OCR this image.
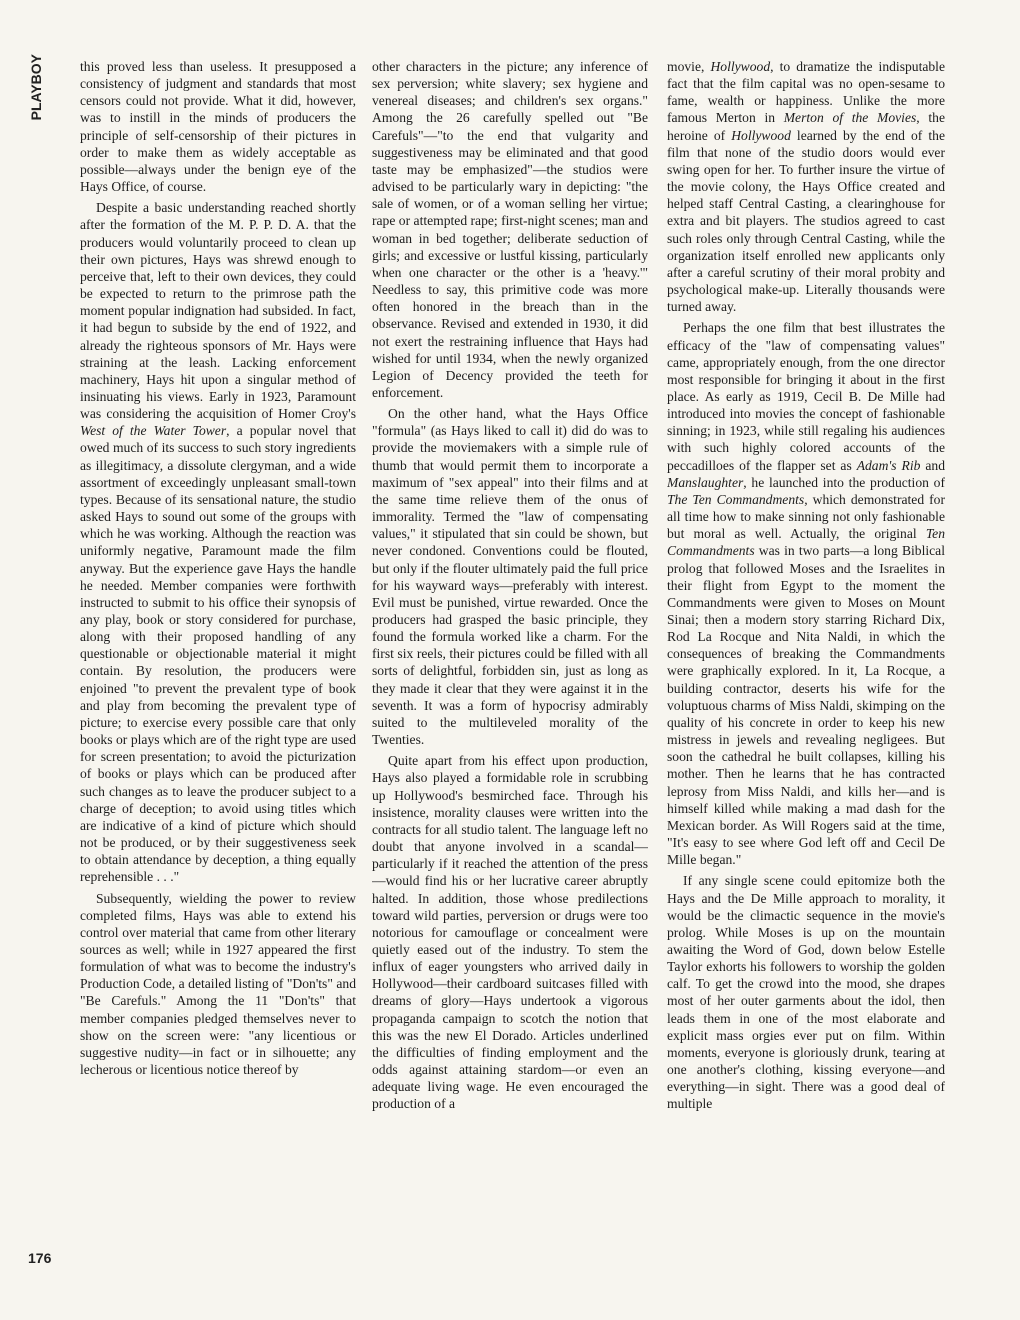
PLAYBOY	this proved less than useless. It presupposed a consistency of judgment and standards that most censors could not provide. What it did, however, was to instill in the minds of producers the principle of self-censorship of their pictures in order to make them as widely acceptable as possible—always under the benign eye of the Hays Office, of course.

Despite a basic understanding reached shortly after the formation of the M. P. P. D. A. that the producers would voluntarily proceed to clean up their own pictures, Hays was shrewd enough to perceive that, left to their own devices, they could be expected to return to the primrose path the moment popular indignation had subsided. In fact, it had begun to subside by the end of 1922, and already the righteous sponsors of Mr. Hays were straining at the leash. Lacking enforcement machinery, Hays hit upon a singular method of insinuating his views. Early in 1923, Paramount was considering the acquisition of Homer Croy's West of the Water Tower, a popular novel that owed much of its success to such story ingredients as illegitimacy, a dissolute clergyman, and a wide assortment of exceedingly unpleasant small-town types. Because of its sensational nature, the studio asked Hays to sound out some of the groups with which he was working. Although the reaction was uniformly negative, Paramount made the film anyway. But the experience gave Hays the handle he needed. Member companies were forthwith instructed to submit to his office their synopsis of any play, book or story considered for purchase, along with their proposed handling of any questionable or objectionable material it might contain. By resolution, the producers were enjoined "to prevent the prevalent type of book and play from becoming the prevalent type of picture; to exercise every possible care that only books or plays which are of the right type are used for screen presentation; to avoid the picturization of books or plays which can be produced after such changes as to leave the producer subject to a charge of deception; to avoid using titles which are indicative of a kind of picture which should not be produced, or by their suggestiveness seek to obtain attendance by deception, a thing equally reprehensible . . ."

Subsequently, wielding the power to review completed films, Hays was able to extend his control over material that came from other literary sources as well; while in 1927 appeared the first formulation of what was to become the industry's Production Code, a detailed listing of "Don'ts" and "Be Carefuls." Among the 11 "Don'ts" that member companies pledged themselves never to show on the screen were: "any licentious or suggestive nudity—in fact or in silhouette; any lecherous or licentious notice thereof by

other characters in the picture; any inference of sex perversion; white slavery; sex hygiene and venereal diseases; and children's sex organs." Among the 26 carefully spelled out "Be Carefuls"—"to the end that vulgarity and suggestiveness may be eliminated and that good taste may be emphasized"—the studios were advised to be particularly wary in depicting: "the sale of women, or of a woman selling her virtue; rape or attempted rape; first-night scenes; man and woman in bed together; deliberate seduction of girls; and excessive or lustful kissing, particularly when one character or the other is a 'heavy.'" Needless to say, this primitive code was more often honored in the breach than in the observance. Revised and extended in 1930, it did not exert the restraining influence that Hays had wished for until 1934, when the newly organized Legion of Decency provided the teeth for enforcement.

On the other hand, what the Hays Office "formula" (as Hays liked to call it) did do was to provide the moviemakers with a simple rule of thumb that would permit them to incorporate a maximum of "sex appeal" into their films and at the same time relieve them of the onus of immorality. Termed the "law of compensating values," it stipulated that sin could be shown, but never condoned. Conventions could be flouted, but only if the flouter ultimately paid the full price for his wayward ways—preferably with interest. Evil must be punished, virtue rewarded. Once the producers had grasped the basic principle, they found the formula worked like a charm. For the first six reels, their pictures could be filled with all sorts of delightful, forbidden sin, just as long as they made it clear that they were against it in the seventh. It was a form of hypocrisy admirably suited to the multileveled morality of the Twenties.

Quite apart from his effect upon production, Hays also played a formidable role in scrubbing up Hollywood's besmirched face. Through his insistence, morality clauses were written into the contracts for all studio talent. The language left no doubt that anyone involved in a scandal—particularly if it reached the attention of the press—would find his or her lucrative career abruptly halted. In addition, those whose predilections toward wild parties, perversion or drugs were too notorious for camouflage or concealment were quietly eased out of the industry. To stem the influx of eager youngsters who arrived daily in Hollywood—their cardboard suitcases filled with dreams of glory—Hays undertook a vigorous propaganda campaign to scotch the notion that this was the new El Dorado. Articles underlined the difficulties of finding employment and the odds against attaining stardom—or even an adequate living wage. He even encouraged the production of a

movie, Hollywood, to dramatize the indisputable fact that the film capital was no open-sesame to fame, wealth or happiness. Unlike the more famous Merton in Merton of the Movies, the heroine of Hollywood learned by the end of the film that none of the studio doors would ever swing open for her. To further insure the virtue of the movie colony, the Hays Office created and helped staff Central Casting, a clearinghouse for extra and bit players. The studios agreed to cast such roles only through Central Casting, while the organization itself enrolled new applicants only after a careful scrutiny of their moral probity and psychological make-up. Literally thousands were turned away.

Perhaps the one film that best illustrates the efficacy of the "law of compensating values" came, appropriately enough, from the one director most responsible for bringing it about in the first place. As early as 1919, Cecil B. De Mille had introduced into movies the concept of fashionable sinning; in 1923, while still regaling his audiences with such highly colored accounts of the peccadilloes of the flapper set as Adam's Rib and Manslaughter, he launched into the production of The Ten Commandments, which demonstrated for all time how to make sinning not only fashionable but moral as well. Actually, the original Ten Commandments was in two parts—a long Biblical prolog that followed Moses and the Israelites in their flight from Egypt to the moment the Commandments were given to Moses on Mount Sinai; then a modern story starring Richard Dix, Rod La Rocque and Nita Naldi, in which the consequences of breaking the Commandments were graphically explored. In it, La Rocque, a building contractor, deserts his wife for the voluptuous charms of Miss Naldi, skimping on the quality of his concrete in order to keep his new mistress in jewels and revealing negligees. But soon the cathedral he built collapses, killing his mother. Then he learns that he has contracted leprosy from Miss Naldi, and kills her—and is himself killed while making a mad dash for the Mexican border. As Will Rogers said at the time, "It's easy to see where God left off and Cecil De Mille began."

If any single scene could epitomize both the Hays and the De Mille approach to morality, it would be the climactic sequence in the movie's prolog. While Moses is up on the mountain awaiting the Word of God, down below Estelle Taylor exhorts his followers to worship the golden calf. To get the crowd into the mood, she drapes most of her outer garments about the idol, then leads them in one of the most elaborate and explicit mass orgies ever put on film. Within moments, everyone is gloriously drunk, tearing at one another's clothing, kissing everyone—and everything—in sight. There was a good deal of multiple

176
